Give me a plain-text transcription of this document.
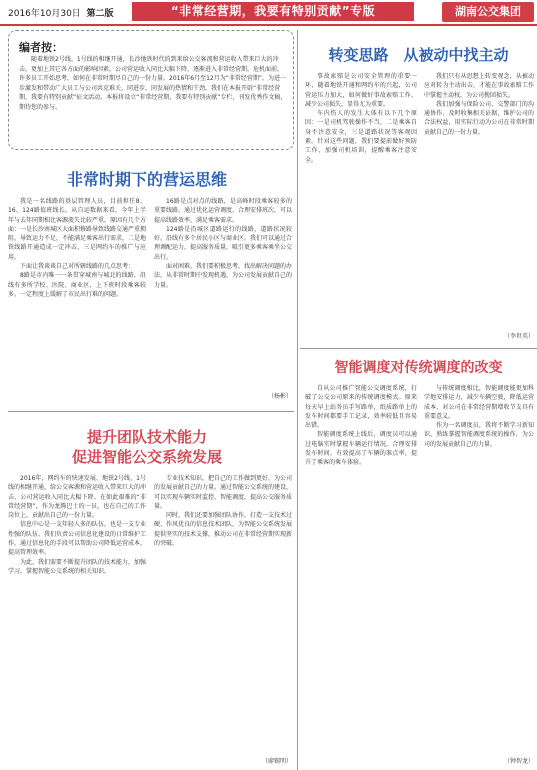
2016年10月30日 第二版	“非常经营期，我要有特别贡献”专版	湖南公交集团
编者按：
随着地铁2号线、1号线的相继开通，长沙地铁时代的到来给公交客流和营运收入带来巨大的冲击。更加上其它各方面的影响因素，公司营运收入同比大幅下降，逐渐进入非常经营期。危机面前，许多员工开始思考，如何在非常时期尽自己的一份力量。2016年6月至12月为“非常经营期”。为进一步激发和带动广大员工与公司共克难关、同进步、同发展的热情和干劲，我们在本报开辟“非常经营期，我要有特别贡献”征文活动。本报将设立“非常经营期，我要有特别贡献”专栏，刊发优秀作文稿，期待您的参与。
非常时期下的营运思维

我是一名线路的基层管理人员，目前担任8、16、124路值班线长。从自运数据来看，今年上半年与去年同期相比客源流失比较严重，原因有几个方面：一是长沙南城区大面积修路导致线路交通严重拥阻，导致运力不足，不能满足乘客出行需求。二是地铁线路开通造成一定冲击，三是网约车的推广与应用。

下面让我谈谈自己对所辖线路的几点思考：

8路是市内唯一一条贯穿城南与城北的线路，沿线有多所学校、医院、商业区，上下班时段乘客较多，一定程度上缓解了市民出行难的问题。

16路是点对点的线路，是高峰时段乘客较多的重要线路。通过优化运营调度、合理安排班次，可以提高线路效率，满足乘客需求。

124路是沿城区道路运行的线路，道路状况较好。沿线有多个居民小区与商业区。我们可以通过合理调配运力，提高服务质量，吸引更多乘客乘坐公交出行。

面对困难，我们要积极思考，找出解决问题的办法，从非常时期中发现机遇，为公司发展贡献自己的力量。

（杨彬）
提升团队技术能力
促进智能公交系统发展

2016年，网约车的快速发展、地铁2号线、1号线的相继开通，给公交客源和营运收入带来巨大的冲击，公司营运收入同比大幅下降。在如此艰难的“非常经营期”，作为龙腾巴士的一员，也在自己的工作岗位上，贡献出自己的一份力量。

信息中心是一支年轻人多的队伍，也是一支专业性强的队伍。我们负责公司信息化建设的日常维护工作，通过信息化的手段可以帮助公司降低运营成本，提高管理效率。

为此，我们需要不断提升团队的技术能力，加强学习，掌握智能公交系统的相关知识。

专业技术知识，把自己的工作做到更好，为公司的发展贡献自己的力量。通过智能公交系统的建设，可以实现车辆实时监控、智能调度，提高公交服务质量。

同时，我们还要加强团队协作，打造一支技术过硬、作风优良的信息技术团队，为智能公交系统发展提供坚实的技术支撑，推动公司在非常经营期实现新的突破。

（廖锡明）
转变思路　从被动中找主动

事故索赔是公司安全管理的重要一环，随着地铁开通和网约车的兴起，公司营运压力加大，如何做好事故索赔工作，减少公司损失，显得尤为重要。

车内伤人的发生大体有以下几个原因：一是司机驾驶操作不当，二是乘客自身不注意安全，三是道路状况等客观因素。针对这些问题，我们要提前做好预防工作，加强司机培训，提醒乘客注意安全。

我们只有从思想上转变观念，从被动应对转为主动出击，才能在事故索赔工作中掌握主动权，为公司挽回损失。

我们加强与保险公司、交警部门的沟通协作，及时收集相关证据，维护公司的合法权益，用实际行动为公司在非常时期贡献自己的一份力量。

（李世英）
智能调度对传统调度的改变

自从公司推广智能公交调度系统，打破了公交公司原来的传统调度模式。原来每天早上站务员手写路单，纸质路单上的发车时间都要手工记录，效率较低且容易出错。

智能调度系统上线后，调度员可以通过电脑实时掌握车辆运行情况，合理安排发车时间，有效提高了车辆的准点率，提升了乘客的乘车体验。

与传统调度相比，智能调度能更加科学地安排运力，减少车辆空驶，降低运营成本，对公司在非常经营期增收节支具有重要意义。

作为一名调度员，我将不断学习新知识，熟练掌握智能调度系统的操作，为公司的发展贡献自己的力量。

（钟智龙）
